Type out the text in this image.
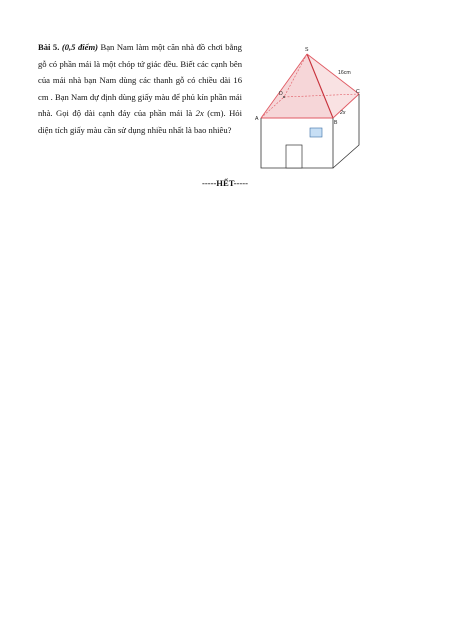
Bài 5. (0,5 điểm) Bạn Nam làm một căn nhà đồ chơi bằng gỗ có phần mái là một chóp tứ giác đều. Biết các cạnh bên của mái nhà bạn Nam dùng các thanh gỗ có chiều dài 16 cm . Bạn Nam dự định dùng giấy màu để phủ kín phần mái nhà. Gọi độ dài cạnh đáy của phần mái là 2x (cm). Hỏi diện tích giấy màu cần sử dụng nhiều nhất là bao nhiêu?
S
A
B
C
D
16cm
2x
-----HẾT-----
